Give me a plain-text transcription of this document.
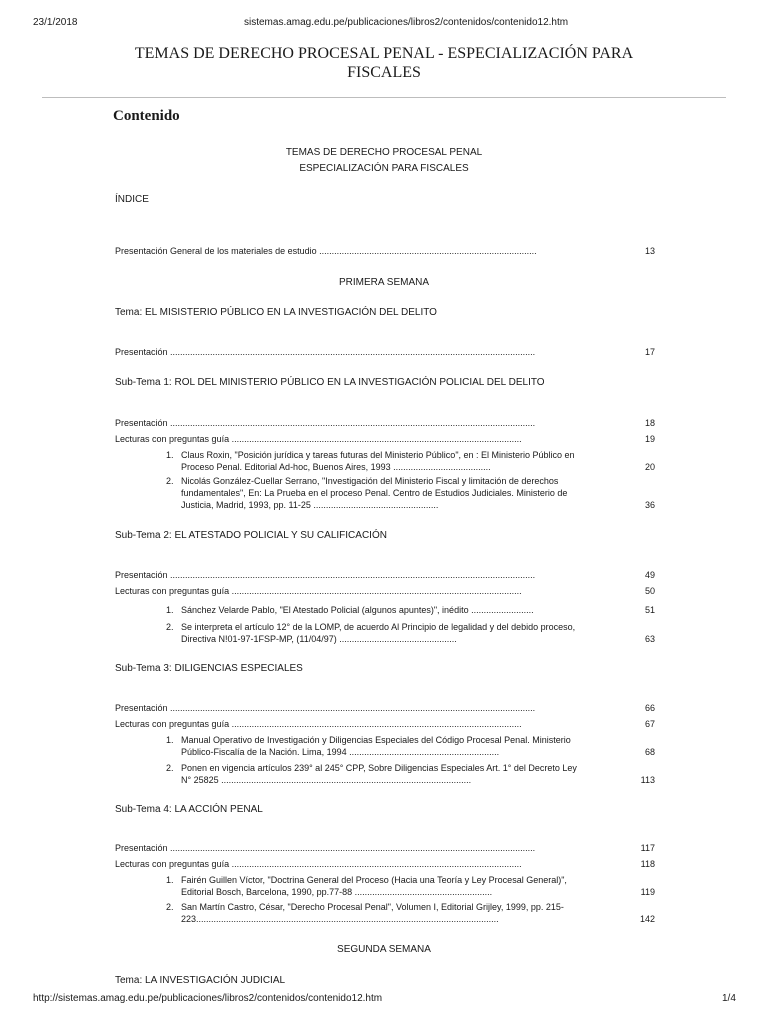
23/1/2018	sistemas.amag.edu.pe/publicaciones/libros2/contenidos/contenido12.htm
TEMAS DE DERECHO PROCESAL PENAL - ESPECIALIZACIÓN PARA FISCALES
Contenido
TEMAS DE DERECHO PROCESAL PENAL
ESPECIALIZACIÓN PARA FISCALES
ÍNDICE
Presentación General de los materiales de estudio .......................................................................................	13
PRIMERA SEMANA
Tema: EL MISISTERIO PÚBLICO EN LA INVESTIGACIÓN DEL DELITO
Presentación ..................................................................................................................................................	17
Sub-Tema 1: ROL DEL MINISTERIO PÚBLICO EN LA INVESTIGACIÓN POLICIAL DEL DELITO
Presentación ..................................................................................................................................................	18
Lecturas con preguntas guía ....................................................................................................................	19
1. Claus Roxin, "Posición jurídica y tareas futuras del Ministerio Público", en : El Ministerio Público en Proceso Penal. Editorial Ad-hoc, Buenos Aires, 1993 .......................................	20
2. Nicolás González-Cuellar Serrano, "Investigación del Ministerio Fiscal y limitación de derechos fundamentales", En: La Prueba en el proceso Penal. Centro de Estudios Judiciales. Ministerio de Justicia, Madrid, 1993, pp. 11-25 ..................................................	36
Sub-Tema 2: EL ATESTADO POLICIAL Y SU CALIFICACIÓN
Presentación ..................................................................................................................................................	49
Lecturas con preguntas guía ....................................................................................................................	50
1. Sánchez Velarde Pablo, "El Atestado Policial (algunos apuntes)", inédito .........................	51
2. Se interpreta el artículo 12° de la LOMP, de acuerdo Al Principio de legalidad y del debido proceso, Directiva N!01-97-1FSP-MP, (11/04/97) ...............................................	63
Sub-Tema 3: DILIGENCIAS ESPECIALES
Presentación ..................................................................................................................................................	66
Lecturas con preguntas guía ....................................................................................................................	67
1. Manual Operativo de Investigación y Diligencias Especiales del Código Procesal Penal. Ministerio Público-Fiscalía de la Nación. Lima, 1994 ............................................................	68
2. Ponen en vigencia artículos 239° al 245° CPP, Sobre Diligencias Especiales Art. 1° del Decreto Ley N° 25825 ....................................................................................................	113
Sub-Tema 4: LA ACCIÓN PENAL
Presentación ..................................................................................................................................................	117
Lecturas con preguntas guía ....................................................................................................................	118
1. Fairén Guillen Víctor, "Doctrina General del Proceso (Hacia una Teoría y Ley Procesal General)", Editorial Bosch, Barcelona, 1990, pp.77-88 .......................................................	119
2. San Martín Castro, César, "Derecho Procesal Penal", Volumen I, Editorial Grijley, 1999, pp. 215-223.........................................................................................................................	142
SEGUNDA SEMANA
Tema: LA INVESTIGACIÓN JUDICIAL
http://sistemas.amag.edu.pe/publicaciones/libros2/contenidos/contenido12.htm	1/4
